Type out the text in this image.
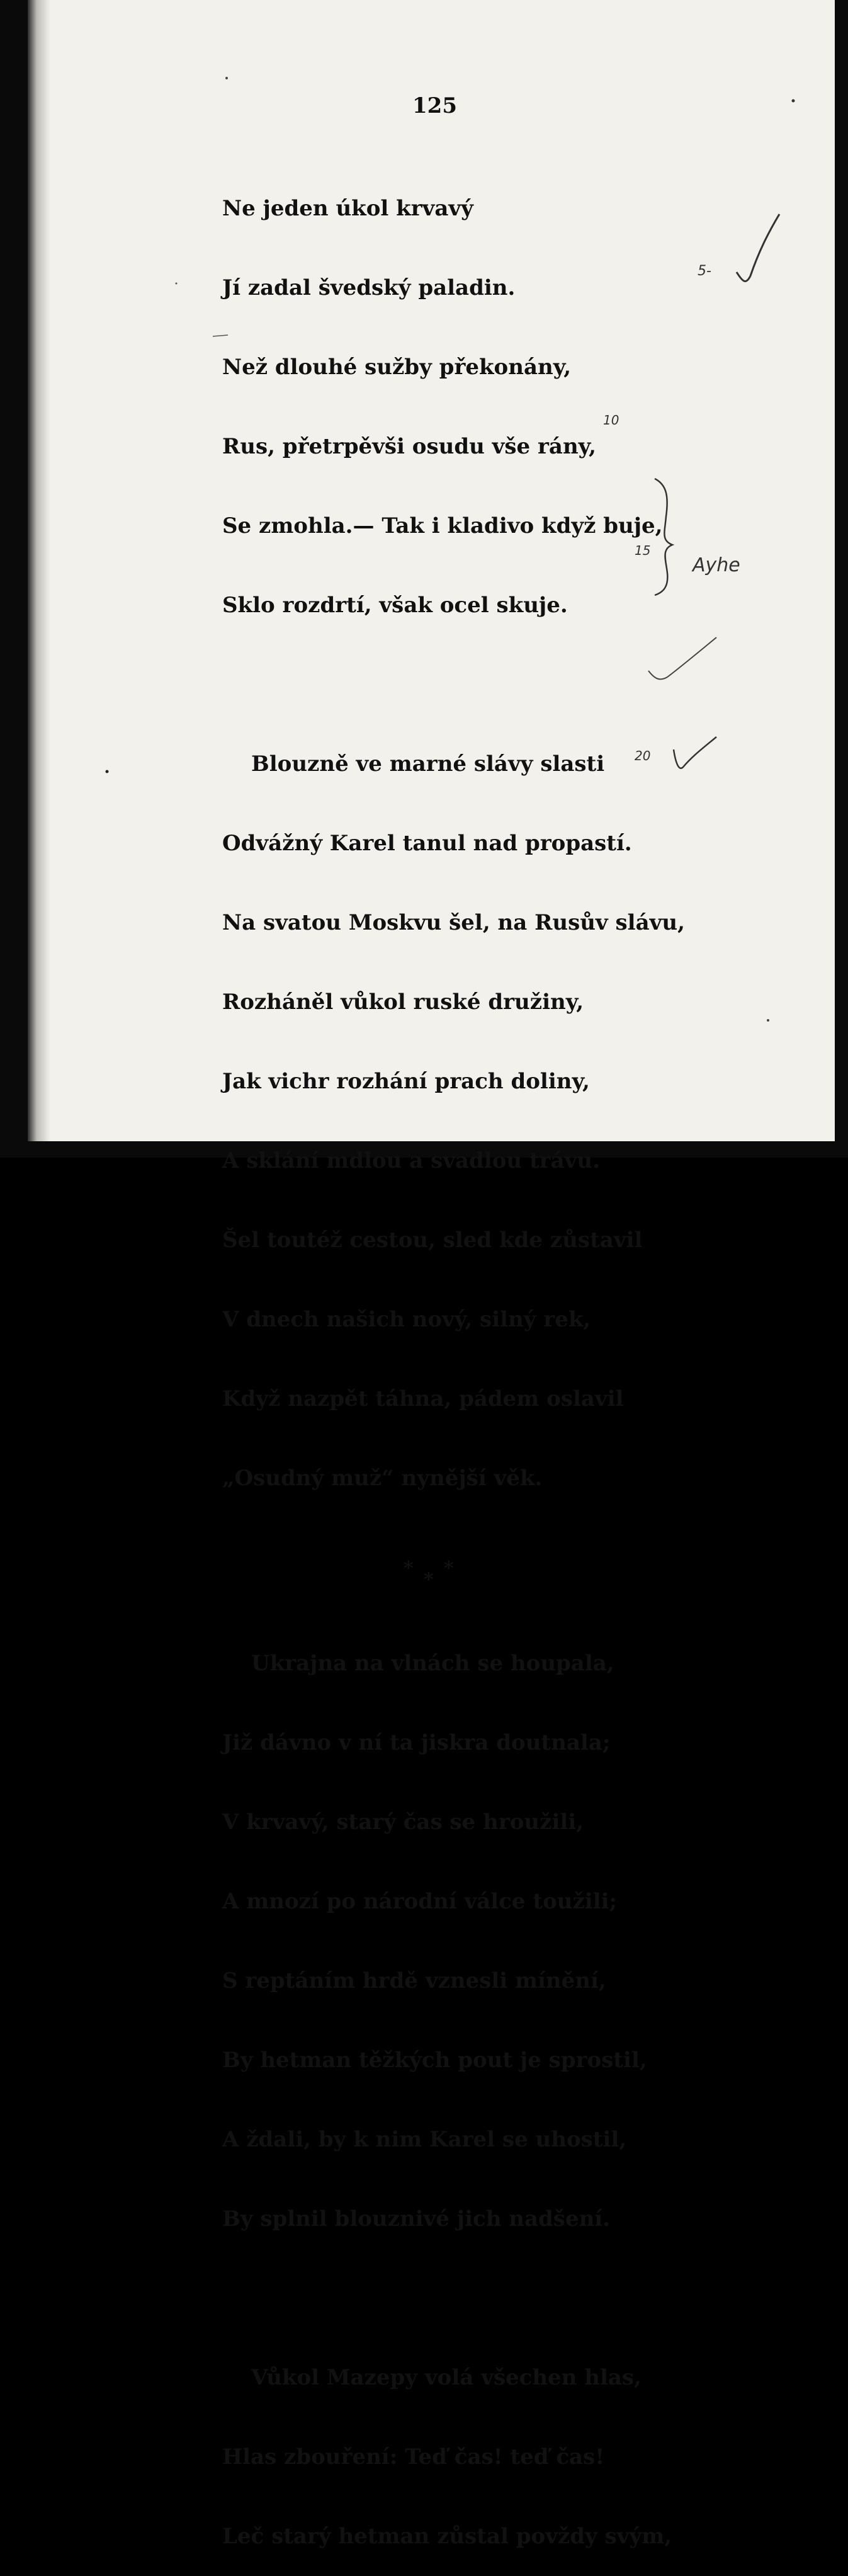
125

Ne jeden úkol krvavý

Jí zadal švedský paladin.

Než dlouhé sužby překonány,

Rus, přetrpěvši osudu vše rány,

Se zmohla.— Tak i kladivo když buje,

Sklo rozdrtí, však ocel skuje.

Blouzně ve marné slávy slasti

Odvážný Karel tanul nad propastí.

Na svatou Moskvu šel, na Rusův slávu,

Rozháněl vůkol ruské družiny,

Jak vichr rozhání prach doliny,

A sklání mdlou a svadlou trávu.

Šel toutéž cestou, sled kde zůstavil

V dnech našich nový, silný rek,

Když nazpět táhna, pádem oslavil

„Osudný muž“ nynější věk.

*

*

*

Ukrajna na vlnách se houpala,

Již dávno v ní ta jiskra doutnala;

V krvavý, starý čas se hroužili,

A mnozí po národní válce toužili;

S reptáním hrdě vznesli mínění,

By hetman těžkých pout je sprostil,

A ždali, by k nim Karel se uhostil,

By splnil blouznivé jich nadšení.

Vůkol Mazepy volá všechen hlas,

Hlas zbouření: Teď čas! teď čas!

Leč starý hetman zůstal povždy svým,

5-
10
15
20
Ayhe
